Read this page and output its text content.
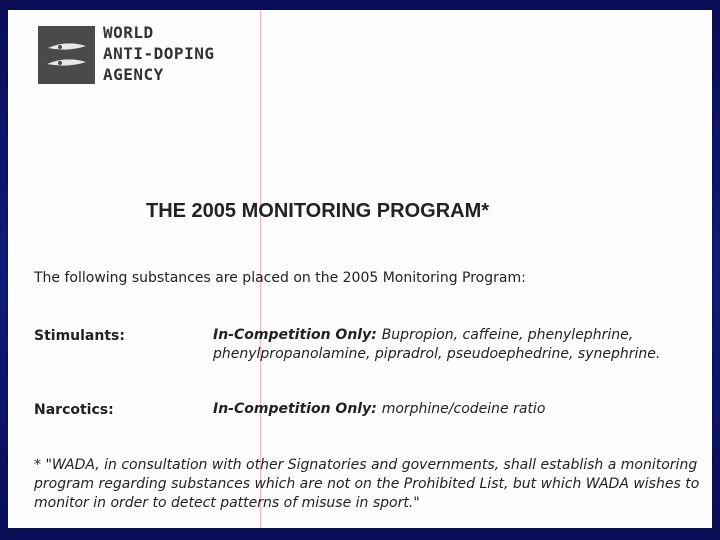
WORLD
ANTI-DOPING
AGENCY
THE 2005 MONITORING PROGRAM*
The following substances are placed on the 2005 Monitoring Program:
Stimulants:	In-Competition Only: Bupropion, caffeine, phenylephrine, phenylpropanolamine, pipradrol, pseudoephedrine, synephrine.
Narcotics:	In-Competition Only: morphine/codeine ratio
* "WADA, in consultation with other Signatories and governments, shall establish a monitoring program regarding substances which are not on the Prohibited List, but which WADA wishes to monitor in order to detect patterns of misuse in sport."
